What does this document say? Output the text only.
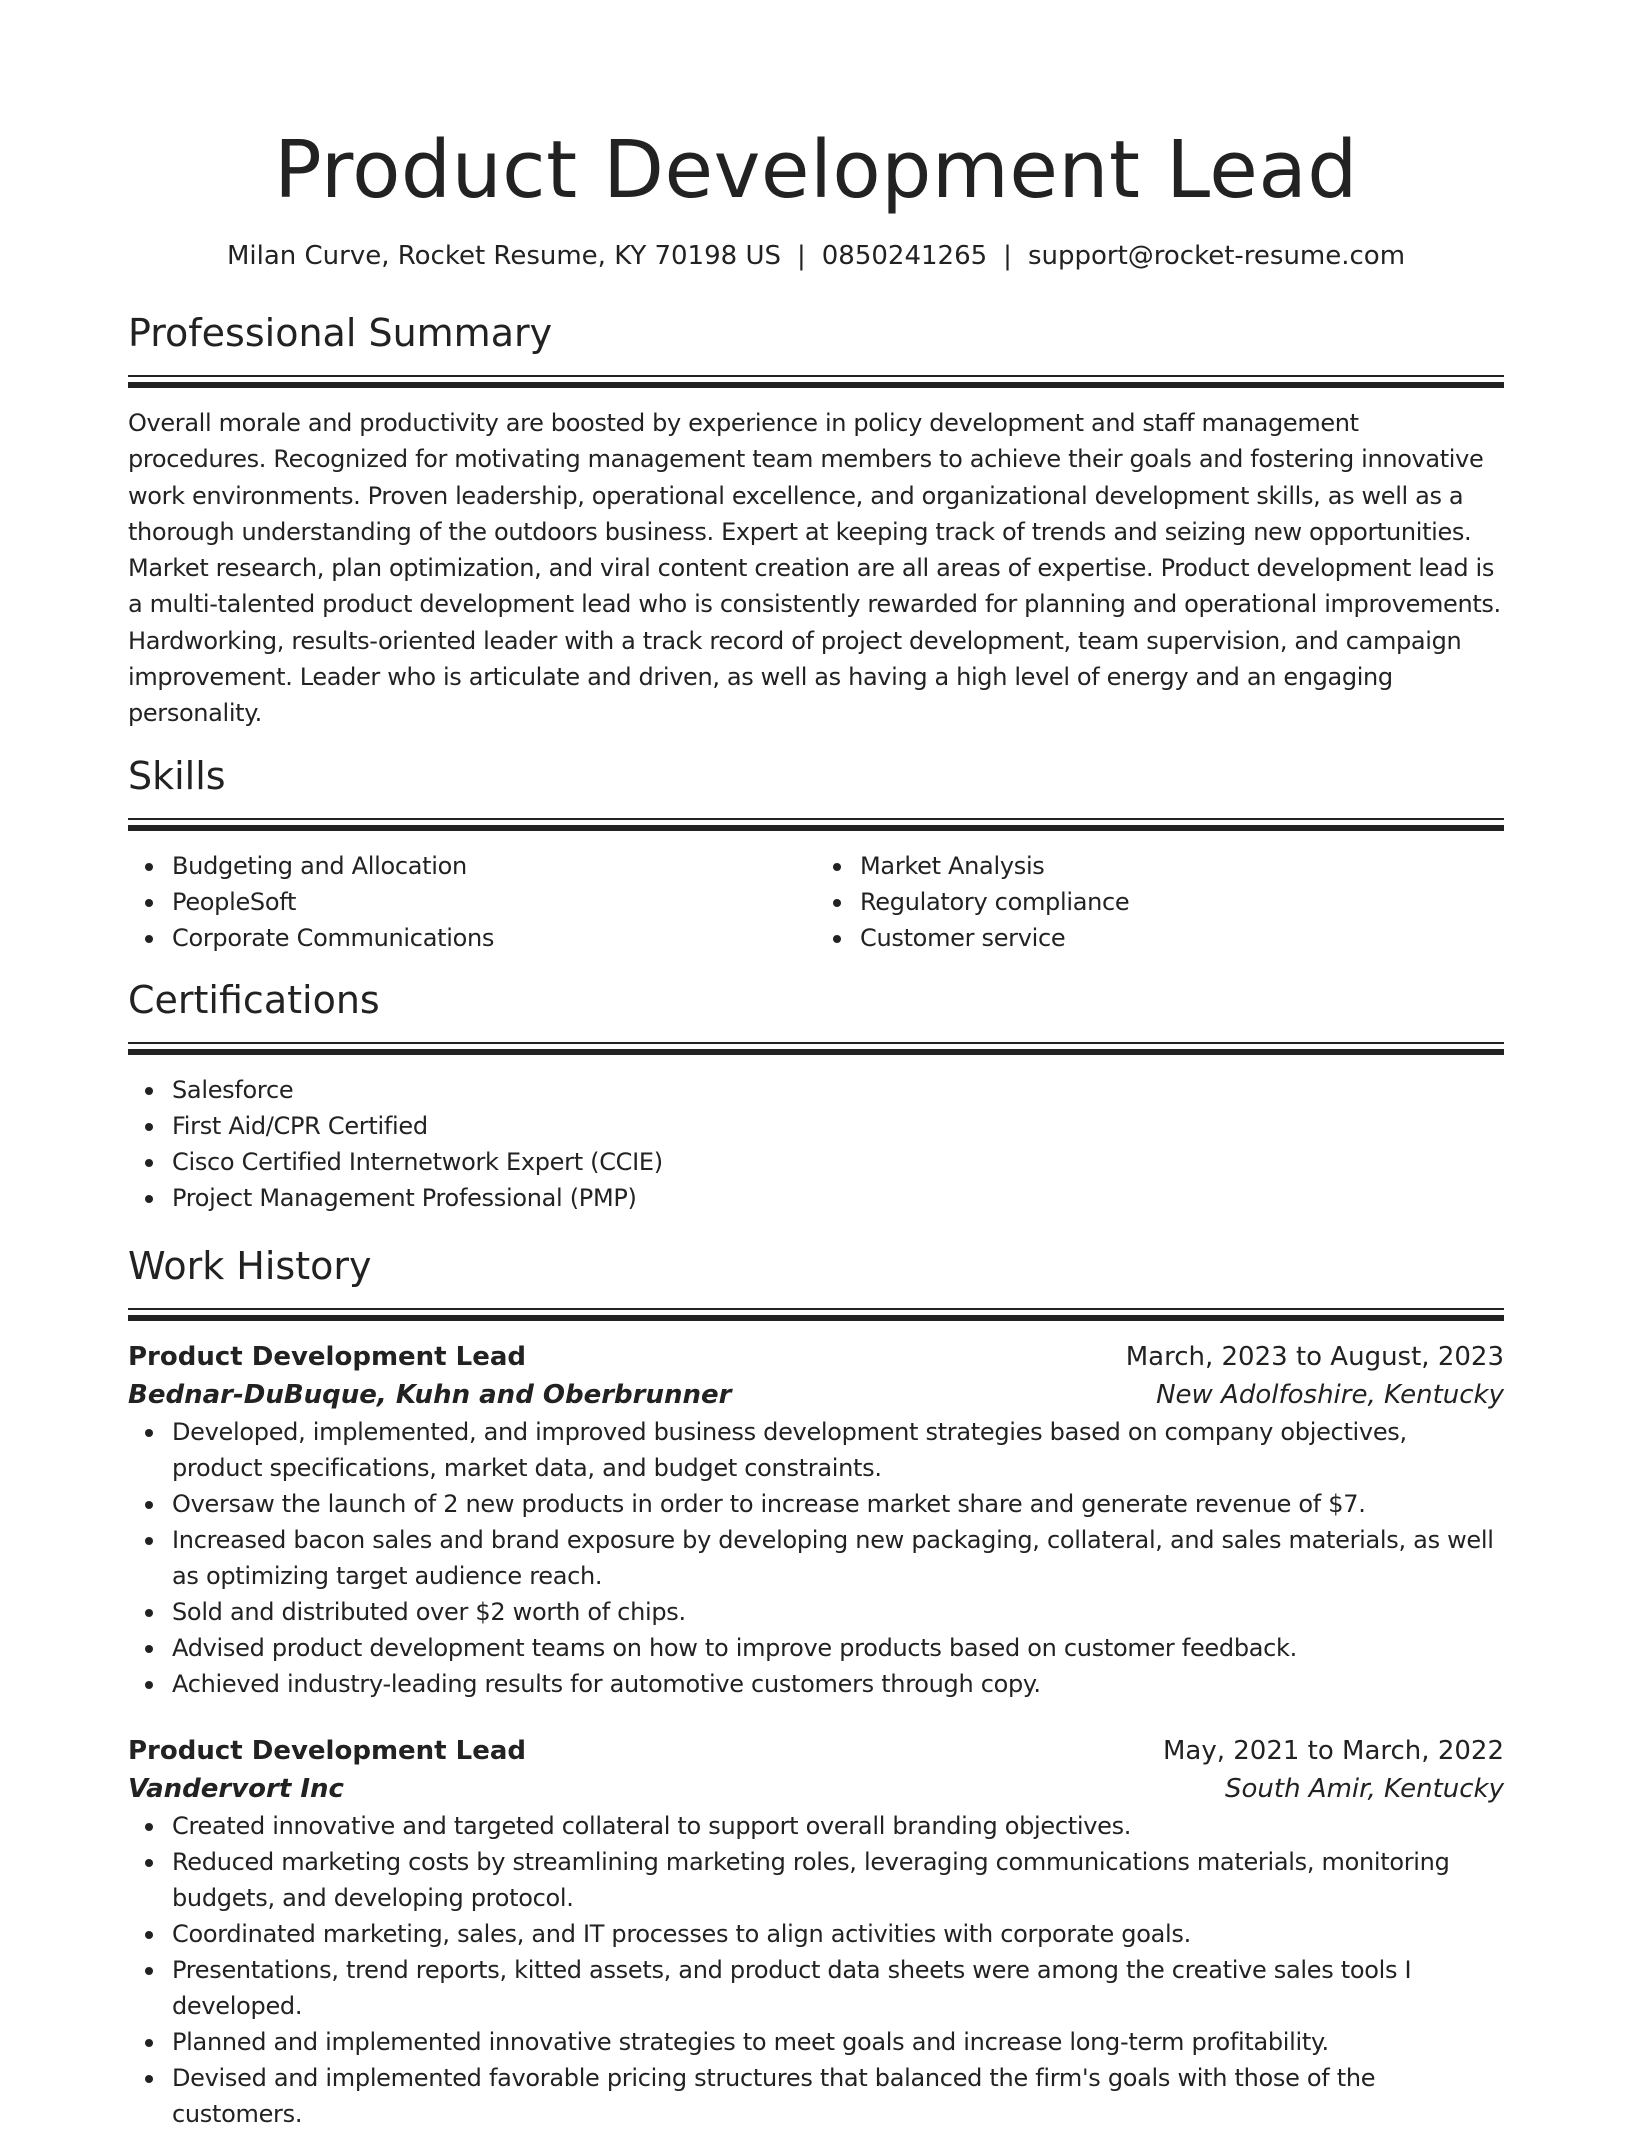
Product Development Lead
Milan Curve, Rocket Resume, KY 70198 US | 0850241265 | support@rocket-resume.com
Professional Summary

Overall morale and productivity are boosted by experience in policy development and staff management procedures. Recognized for motivating management team members to achieve their goals and fostering innovative work environments. Proven leadership, operational excellence, and organizational development skills, as well as a thorough understanding of the outdoors business. Expert at keeping track of trends and seizing new opportunities. Market research, plan optimization, and viral content creation are all areas of expertise. Product development lead is a multi-talented product development lead who is consistently rewarded for planning and operational improvements. Hardworking, results-oriented leader with a track record of project development, team supervision, and campaign improvement. Leader who is articulate and driven, as well as having a high level of energy and an engaging personality.

Skills
Budgeting and Allocation
PeopleSoft
Corporate Communications
Market Analysis
Regulatory compliance
Customer service
Certifications
Salesforce
First Aid/CPR Certified
Cisco Certified Internetwork Expert (CCIE)
Project Management Professional (PMP)
Work History
Product Development Lead	March, 2023 to August, 2023
Bednar-DuBuque, Kuhn and Oberbrunner	New Adolfoshire, Kentucky
Developed, implemented, and improved business development strategies based on company objectives, product specifications, market data, and budget constraints.
Oversaw the launch of 2 new products in order to increase market share and generate revenue of $7.
Increased bacon sales and brand exposure by developing new packaging, collateral, and sales materials, as well as optimizing target audience reach.
Sold and distributed over $2 worth of chips.
Advised product development teams on how to improve products based on customer feedback.
Achieved industry-leading results for automotive customers through copy.
Product Development Lead	May, 2021 to March, 2022
Vandervort Inc	South Amir, Kentucky
Created innovative and targeted collateral to support overall branding objectives.
Reduced marketing costs by streamlining marketing roles, leveraging communications materials, monitoring budgets, and developing protocol.
Coordinated marketing, sales, and IT processes to align activities with corporate goals.
Presentations, trend reports, kitted assets, and product data sheets were among the creative sales tools I developed.
Planned and implemented innovative strategies to meet goals and increase long-term profitability.
Devised and implemented favorable pricing structures that balanced the firm's goals with those of the customers.
